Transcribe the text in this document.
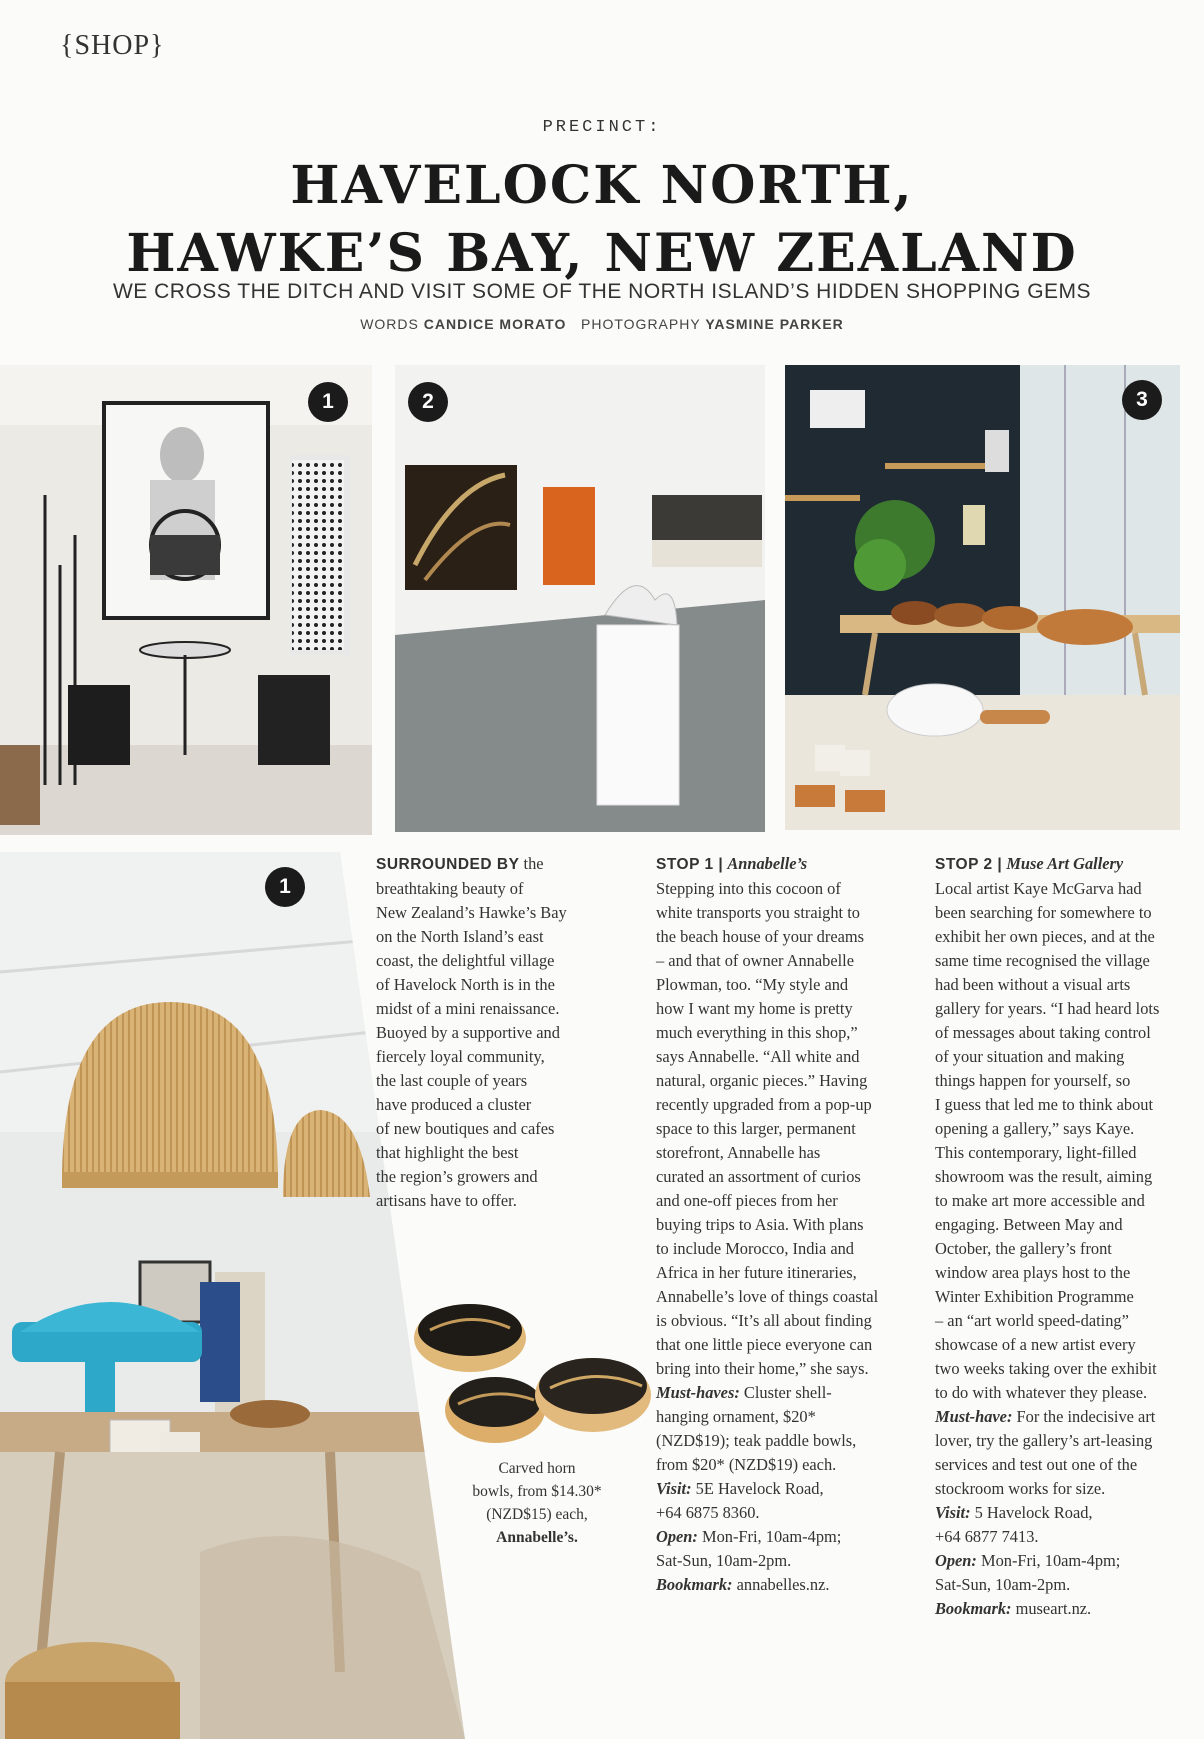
{SHOP}
PRECINCT:
HAVELOCK NORTH,
HAWKE’S BAY, NEW ZEALAND
WE CROSS THE DITCH AND VISIT SOME OF THE NORTH ISLAND’S HIDDEN SHOPPING GEMS
WORDS CANDICE MORATO PHOTOGRAPHY YASMINE PARKER
1	2	3
1
Carved horn
bowls, from $14.30*
(NZD$15) each,
Annabelle’s.
SURROUNDED BY the
breathtaking beauty of
New Zealand’s Hawke’s Bay
on the North Island’s east
coast, the delightful village
of Havelock North is in the
midst of a mini renaissance.
Buoyed by a supportive and
fiercely loyal community,
the last couple of years
have produced a cluster
of new boutiques and cafes
that highlight the best
the region’s growers and
artisans have to offer.
STOP 1 | Annabelle’s
Stepping into this cocoon of
white transports you straight to
the beach house of your dreams
– and that of owner Annabelle
Plowman, too. “My style and
how I want my home is pretty
much everything in this shop,”
says Annabelle. “All white and
natural, organic pieces.” Having
recently upgraded from a pop-up
space to this larger, permanent
storefront, Annabelle has
curated an assortment of curios
and one-off pieces from her
buying trips to Asia. With plans
to include Morocco, India and
Africa in her future itineraries,
Annabelle’s love of things coastal
is obvious. “It’s all about finding
that one little piece everyone can
bring into their home,” she says.
Must-haves: Cluster shell-
hanging ornament, $20*
(NZD$19); teak paddle bowls,
from $20* (NZD$19) each.
Visit: 5E Havelock Road,
+64 6875 8360.
Open: Mon-Fri, 10am-4pm;
Sat-Sun, 10am-2pm.
Bookmark: annabelles.nz.
STOP 2 | Muse Art Gallery
Local artist Kaye McGarva had
been searching for somewhere to
exhibit her own pieces, and at the
same time recognised the village
had been without a visual arts
gallery for years. “I had heard lots
of messages about taking control
of your situation and making
things happen for yourself, so
I guess that led me to think about
opening a gallery,” says Kaye.
This contemporary, light-filled
showroom was the result, aiming
to make art more accessible and
engaging. Between May and
October, the gallery’s front
window area plays host to the
Winter Exhibition Programme
– an “art world speed-dating”
showcase of a new artist every
two weeks taking over the exhibit
to do with whatever they please.
Must-have: For the indecisive art
lover, try the gallery’s art-leasing
services and test out one of the
stockroom works for size.
Visit: 5 Havelock Road,
+64 6877 7413.
Open: Mon-Fri, 10am-4pm;
Sat-Sun, 10am-2pm.
Bookmark: museart.nz.
